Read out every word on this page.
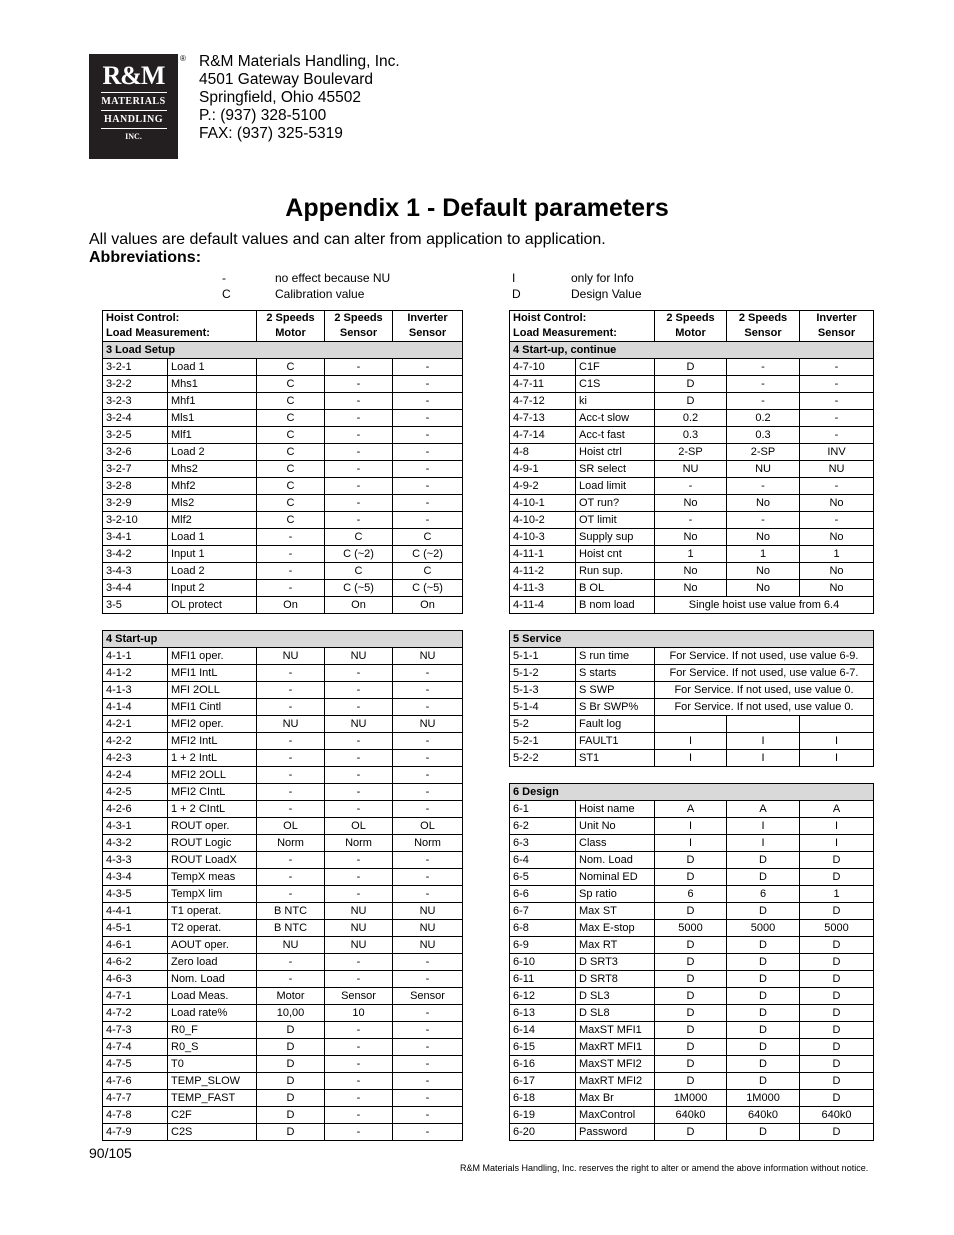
R&M
MATERIALS
HANDLING
INC.
® R&M Materials Handling, Inc.
4501 Gateway Boulevard
Springfield, Ohio 45502
P.: (937) 328-5100
FAX: (937) 325-5319
Appendix 1 - Default parameters
All values are default values and can alter from application to application.
Abbreviations:
-	no effect because NU
C	Calibration value
I	only for Info
D	Design Value
Hoist Control:		2 Speeds	2 Speeds	Inverter
Load Measurement:		Motor	Sensor	Sensor
3 Load Setup				
3-2-1	Load 1	C	-	-
3-2-2	Mhs1	C	-	-
3-2-3	Mhf1	C	-	-
3-2-4	Mls1	C	-	-
3-2-5	Mlf1	C	-	-
3-2-6	Load 2	C	-	-
3-2-7	Mhs2	C	-	-
3-2-8	Mhf2	C	-	-
3-2-9	Mls2	C	-	-
3-2-10	Mlf2	C	-	-
3-4-1	Load 1	-	C	C
3-4-2	Input 1	-	C (~2)	C (~2)
3-4-3	Load 2	-	C	C
3-4-4	Input 2	-	C (~5)	C (~5)
3-5	OL protect	On	On	On

4 Start-up				
4-1-1	MFI1 oper.	NU	NU	NU
4-1-2	MFI1 IntL	-	-	-
4-1-3	MFI 2OLL	-	-	-
4-1-4	MFI1 Cintl	-	-	-
4-2-1	MFI2 oper.	NU	NU	NU
4-2-2	MFI2 IntL	-	-	-
4-2-3	1 + 2 IntL	-	-	-
4-2-4	MFI2 2OLL	-	-	-
4-2-5	MFI2 CIntL	-	-	-
4-2-6	1 + 2 CIntL	-	-	-
4-3-1	ROUT oper.	OL	OL	OL
4-3-2	ROUT Logic	Norm	Norm	Norm
4-3-3	ROUT LoadX	-	-	-
4-3-4	TempX meas	-	-	-
4-3-5	TempX lim	-	-	-
4-4-1	T1 operat.	B NTC	NU	NU
4-5-1	T2 operat.	B NTC	NU	NU
4-6-1	AOUT oper.	NU	NU	NU
4-6-2	Zero load	-	-	-
4-6-3	Nom. Load	-	-	-
4-7-1	Load Meas.	Motor	Sensor	Sensor
4-7-2	Load rate%	10,00	10	-
4-7-3	R0_F	D	-	-
4-7-4	R0_S	D	-	-
4-7-5	T0	D	-	-
4-7-6	TEMP_SLOW	D	-	-
4-7-7	TEMP_FAST	D	-	-
4-7-8	C2F	D	-	-
4-7-9	C2S	D	-	-
Hoist Control:		2 Speeds	2 Speeds	Inverter
Load Measurement:		Motor	Sensor	Sensor
4 Start-up, continue				
4-7-10	C1F	D	-	-
4-7-11	C1S	D	-	-
4-7-12	ki	D	-	-
4-7-13	Acc-t slow	0.2	0.2	-
4-7-14	Acc-t fast	0.3	0.3	-
4-8	Hoist ctrl	2-SP	2-SP	INV
4-9-1	SR select	NU	NU	NU
4-9-2	Load limit	-	-	-
4-10-1	OT run?	No	No	No
4-10-2	OT limit	-	-	-
4-10-3	Supply sup	No	No	No
4-11-1	Hoist cnt	1	1	1
4-11-2	Run sup.	No	No	No
4-11-3	B OL	No	No	No
4-11-4	B nom load	Single hoist use value from 6.4		

5 Service				
5-1-1	S run time	For Service. If not used, use value 6-9.		
5-1-2	S starts	For Service. If not used, use value 6-7.		
5-1-3	S SWP	For Service. If not used, use value 0.		
5-1-4	S Br SWP%	For Service. If not used, use value 0.		
5-2	Fault log			
5-2-1	FAULT1	I	I	I
5-2-2	ST1	I	I	I

6 Design				
6-1	Hoist name	A	A	A
6-2	Unit No	I	I	I
6-3	Class	I	I	I
6-4	Nom. Load	D	D	D
6-5	Nominal ED	D	D	D
6-6	Sp ratio	6	6	1
6-7	Max ST	D	D	D
6-8	Max E-stop	5000	5000	5000
6-9	Max RT	D	D	D
6-10	D SRT3	D	D	D
6-11	D SRT8	D	D	D
6-12	D SL3	D	D	D
6-13	D SL8	D	D	D
6-14	MaxST MFI1	D	D	D
6-15	MaxRT MFI1	D	D	D
6-16	MaxST MFI2	D	D	D
6-17	MaxRT MFI2	D	D	D
6-18	Max Br	1M000	1M000	D
6-19	MaxControl	640k0	640k0	640k0
6-20	Password	D	D	D
90/105
R&M Materials Handling, Inc. reserves the right to alter or amend the above information without notice.
